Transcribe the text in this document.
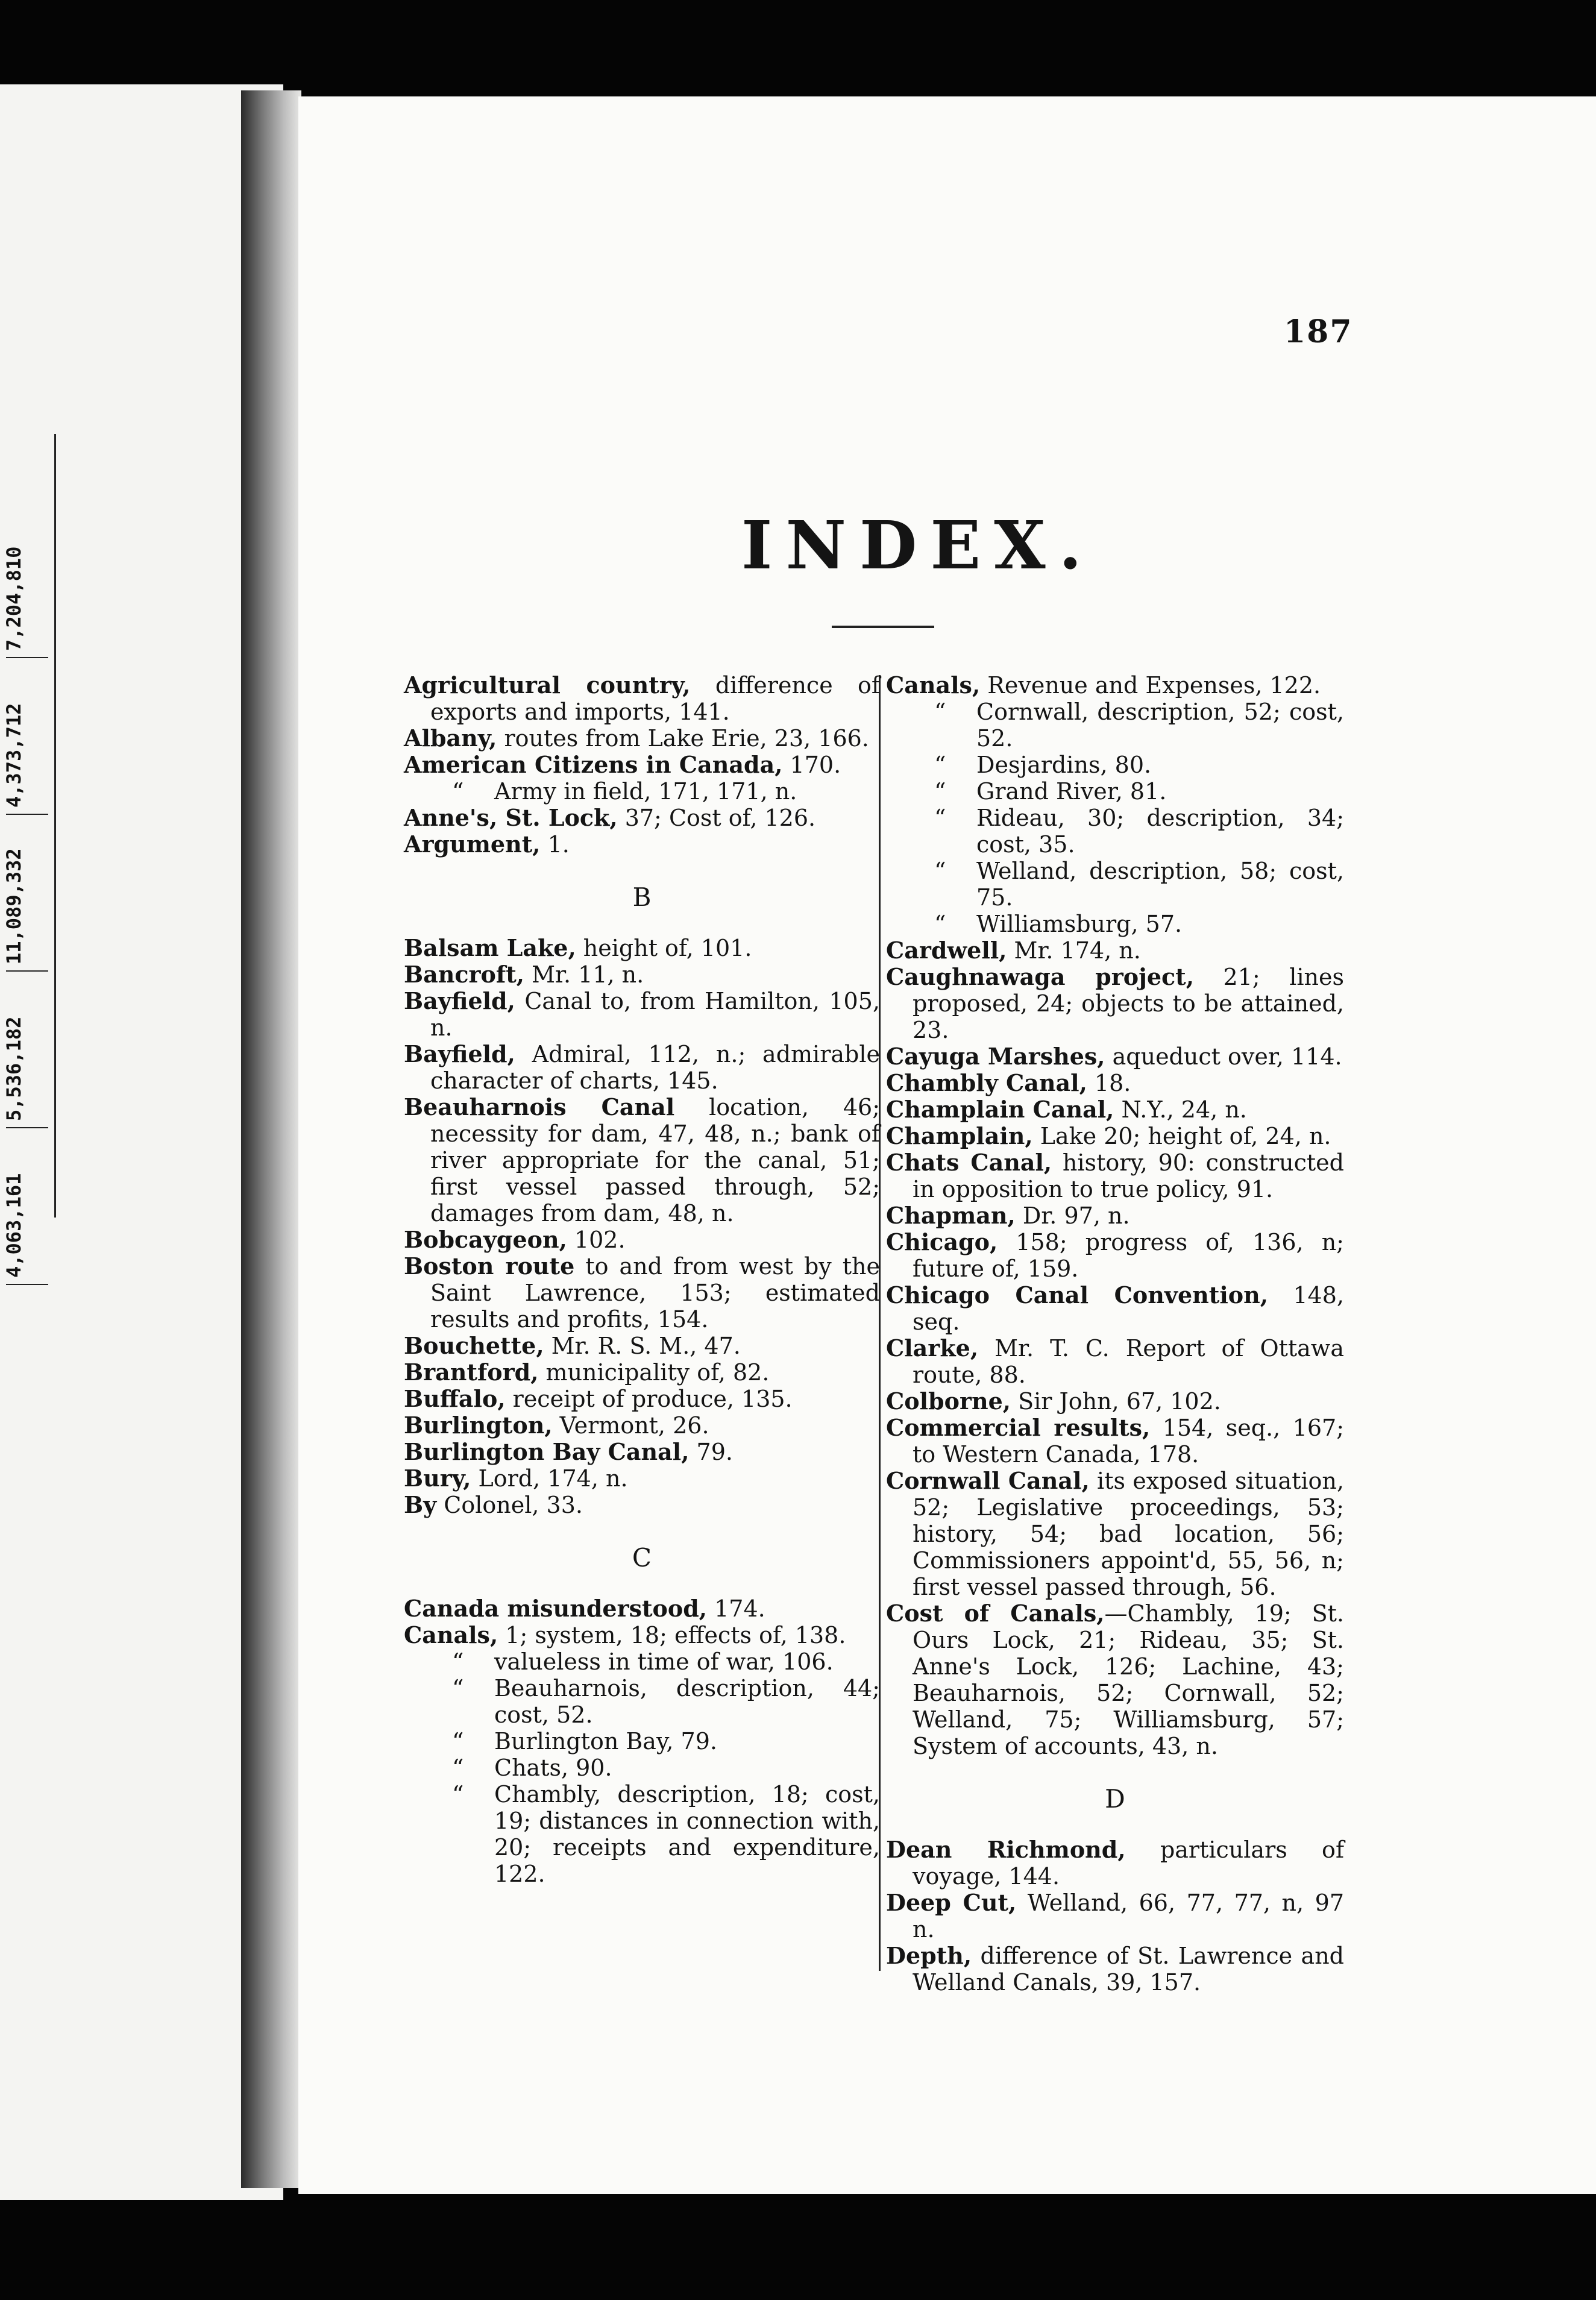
7,204,810
4,373,712
11,089,332
5,536,182
4,063,161
187
INDEX.

Agricultural country, difference of exports and imports, 141.

Albany, routes from Lake Erie, 23, 166.

American Citizens in Canada, 170.

“ Army in field, 171, 171, n.

Anne's, St. Lock, 37; Cost of, 126.

Argument, 1.

B

Balsam Lake, height of, 101.

Bancroft, Mr. 11, n.

Bayfield, Canal to, from Hamilton, 105, n.

Bayfield, Admiral, 112, n.; admirable character of charts, 145.

Beauharnois Canal location, 46; necessity for dam, 47, 48, n.; bank of river appropriate for the canal, 51; first vessel passed through, 52; damages from dam, 48, n.

Bobcaygeon, 102.

Boston route to and from west by the Saint Lawrence, 153; estimated results and profits, 154.

Bouchette, Mr. R. S. M., 47.

Brantford, municipality of, 82.

Buffalo, receipt of produce, 135.

Burlington, Vermont, 26.

Burlington Bay Canal, 79.

Bury, Lord, 174, n.

By Colonel, 33.

C

Canada misunderstood, 174.

Canals, 1; system, 18; effects of, 138.

“ valueless in time of war, 106.

“ Beauharnois, description, 44; cost, 52.

“ Burlington Bay, 79.

“ Chats, 90.

“ Chambly, description, 18; cost, 19; distances in connection with, 20; receipts and expenditure, 122.

Canals, Revenue and Expenses, 122.

“ Cornwall, description, 52; cost, 52.

“ Desjardins, 80.

“ Grand River, 81.

“ Rideau, 30; description, 34; cost, 35.

“ Welland, description, 58; cost, 75.

“ Williamsburg, 57.

Cardwell, Mr. 174, n.

Caughnawaga project, 21; lines proposed, 24; objects to be attained, 23.

Cayuga Marshes, aqueduct over, 114.

Chambly Canal, 18.

Champlain Canal, N.Y., 24, n.

Champlain, Lake 20; height of, 24, n.

Chats Canal, history, 90: constructed in opposition to true policy, 91.

Chapman, Dr. 97, n.

Chicago, 158; progress of, 136, n; future of, 159.

Chicago Canal Convention, 148, seq.

Clarke, Mr. T. C. Report of Ottawa route, 88.

Colborne, Sir John, 67, 102.

Commercial results, 154, seq., 167; to Western Canada, 178.

Cornwall Canal, its exposed situation, 52; Legislative proceedings, 53; history, 54; bad location, 56; Commissioners appoint'd, 55, 56, n; first vessel passed through, 56.

Cost of Canals,—Chambly, 19; St. Ours Lock, 21; Rideau, 35; St. Anne's Lock, 126; Lachine, 43; Beauharnois, 52; Cornwall, 52; Welland, 75; Williamsburg, 57; System of accounts, 43, n.

D

Dean Richmond, particulars of voyage, 144.

Deep Cut, Welland, 66, 77, 77, n, 97 n.

Depth, difference of St. Lawrence and Welland Canals, 39, 157.
